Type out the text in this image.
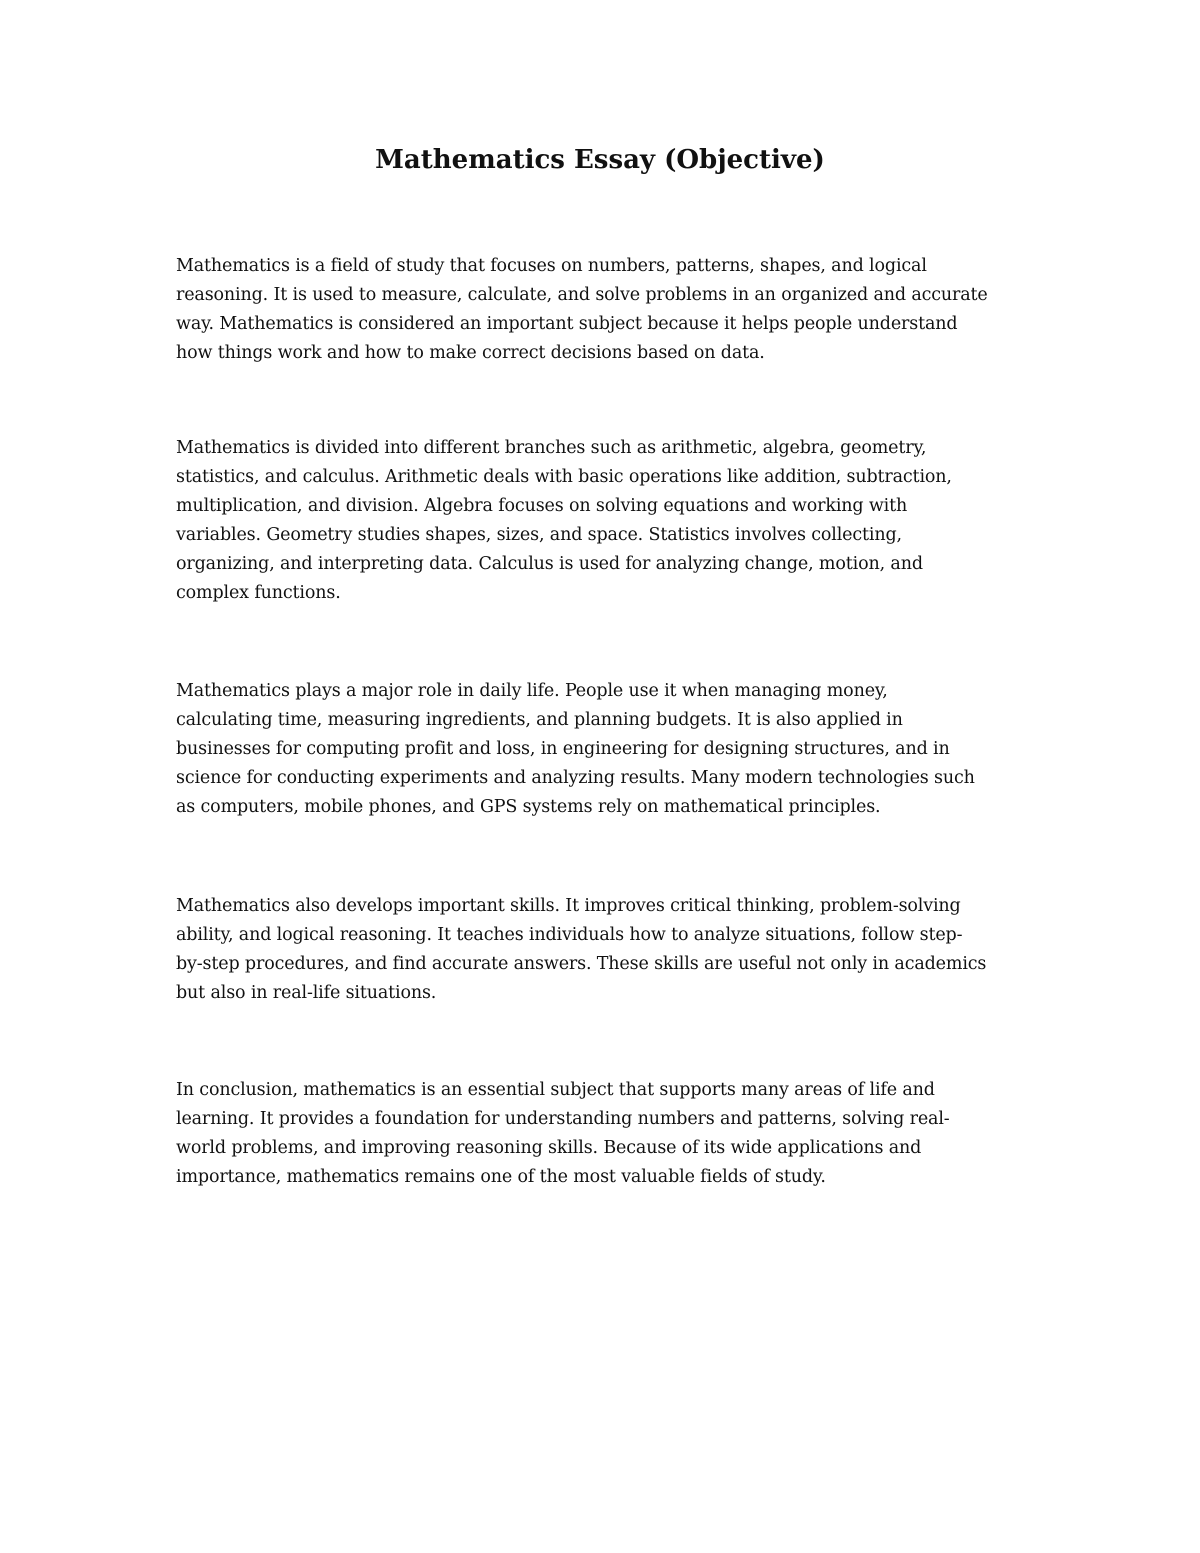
Mathematics Essay (Objective)

Mathematics is a field of study that focuses on numbers, patterns, shapes, and logical
reasoning. It is used to measure, calculate, and solve problems in an organized and accurate
way. Mathematics is considered an important subject because it helps people understand
how things work and how to make correct decisions based on data.

Mathematics is divided into different branches such as arithmetic, algebra, geometry,
statistics, and calculus. Arithmetic deals with basic operations like addition, subtraction,
multiplication, and division. Algebra focuses on solving equations and working with
variables. Geometry studies shapes, sizes, and space. Statistics involves collecting,
organizing, and interpreting data. Calculus is used for analyzing change, motion, and
complex functions.

Mathematics plays a major role in daily life. People use it when managing money,
calculating time, measuring ingredients, and planning budgets. It is also applied in
businesses for computing profit and loss, in engineering for designing structures, and in
science for conducting experiments and analyzing results. Many modern technologies such
as computers, mobile phones, and GPS systems rely on mathematical principles.

Mathematics also develops important skills. It improves critical thinking, problem-solving
ability, and logical reasoning. It teaches individuals how to analyze situations, follow step-
by-step procedures, and find accurate answers. These skills are useful not only in academics
but also in real-life situations.

In conclusion, mathematics is an essential subject that supports many areas of life and
learning. It provides a foundation for understanding numbers and patterns, solving real-
world problems, and improving reasoning skills. Because of its wide applications and
importance, mathematics remains one of the most valuable fields of study.
